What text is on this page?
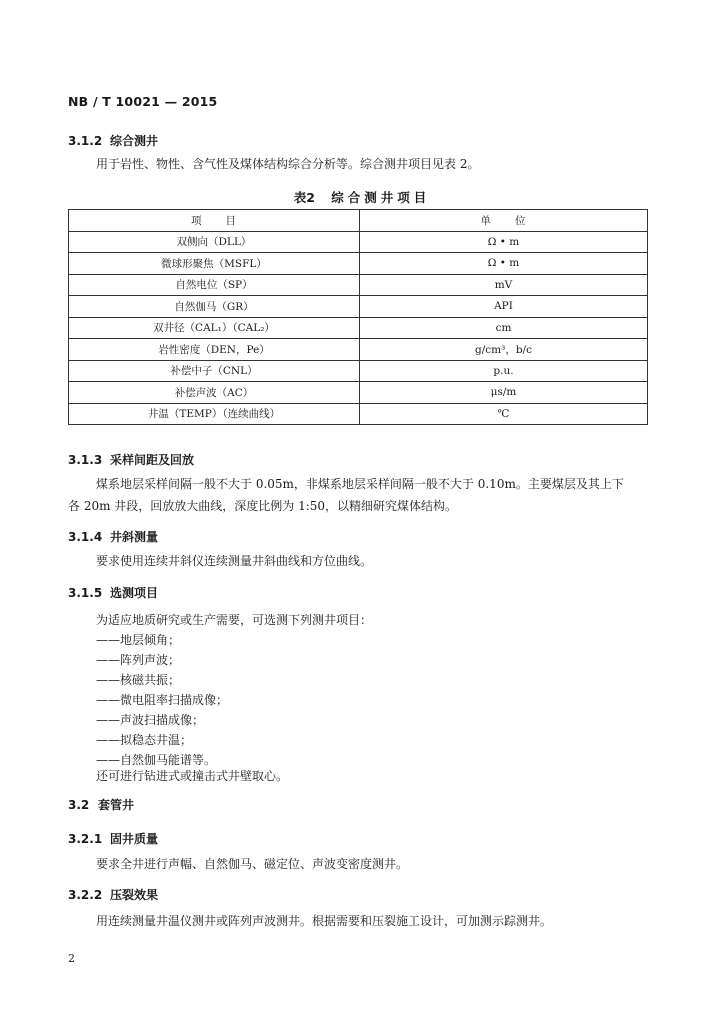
NB / T 10021 — 2015
3.1.2 综合测井
用于岩性、物性、含气性及煤体结构综合分析等。综合测井项目见表 2。
表2 综合测井项目
项　　目	单　　位
双侧向（DLL）	Ω • m
微球形聚焦（MSFL）	Ω • m
自然电位（SP）	mV
自然伽马（GR）	API
双井径（CAL₁）（CAL₂）	cm
岩性密度（DEN，Pe）	g/cm³，b/c
补偿中子（CNL）	p.u.
补偿声波（AC）	μs/m
井温（TEMP）（连续曲线）	℃
3.1.3 采样间距及回放
煤系地层采样间隔一般不大于 0.05m，非煤系地层采样间隔一般不大于 0.10m。主要煤层及其上下
各 20m 井段，回放放大曲线，深度比例为 1:50，以精细研究煤体结构。
3.1.4 井斜测量
要求使用连续井斜仪连续测量井斜曲线和方位曲线。
3.1.5 选测项目
为适应地质研究或生产需要，可选测下列测井项目：
——地层倾角；
——阵列声波；
——核磁共振；
——微电阻率扫描成像；
——声波扫描成像；
——拟稳态井温；
——自然伽马能谱等。
还可进行钻进式或撞击式井壁取心。
3.2 套管井
3.2.1 固井质量
要求全井进行声幅、自然伽马、磁定位、声波变密度测井。
3.2.2 压裂效果
用连续测量井温仪测井或阵列声波测井。根据需要和压裂施工设计，可加测示踪测井。
2
